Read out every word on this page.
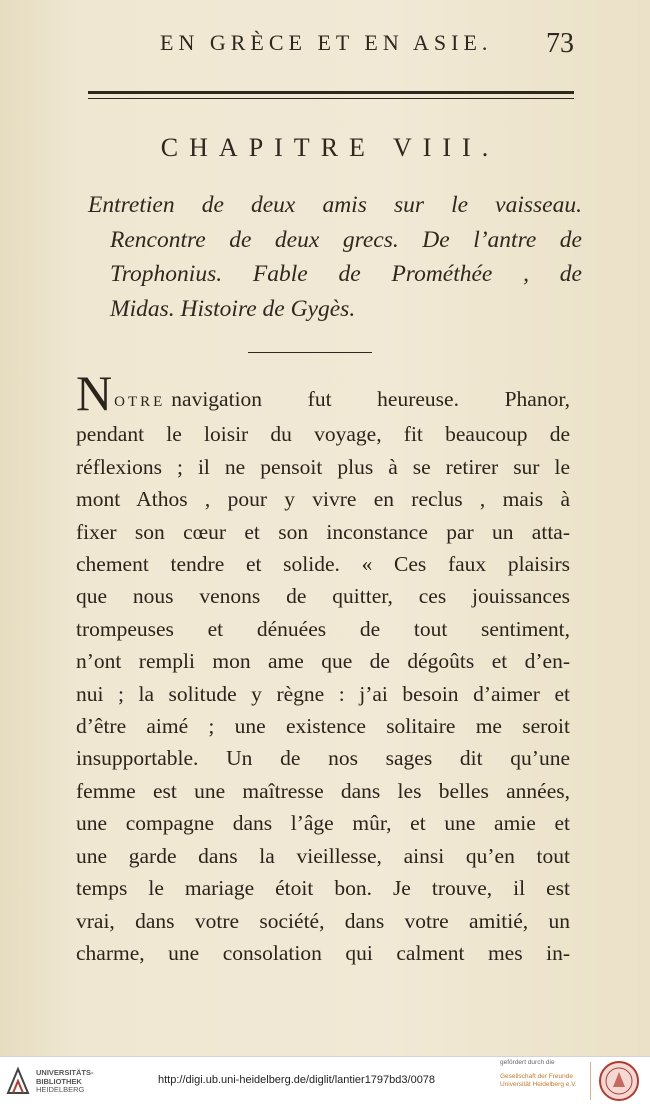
EN GRÈCE ET EN ASIE. 73
CHAPITRE VIII.
Entretien de deux amis sur le vaisseau.
Rencontre de deux grecs. De l’antre de
Trophonius. Fable de Prométhée , de
Midas. Histoire de Gygès.
NOTRE navigation fut heureuse. Phanor,
pendant le loisir du voyage, fit beaucoup de
réflexions ; il ne pensoit plus à se retirer sur le
mont Athos , pour y vivre en reclus , mais à
fixer son cœur et son inconstance par un atta-
chement tendre et solide. « Ces faux plaisirs
que nous venons de quitter, ces jouissances
trompeuses et dénuées de tout sentiment,
n’ont rempli mon ame que de dégoûts et d’en-
nui ; la solitude y règne : j’ai besoin d’aimer et
d’être aimé ; une existence solitaire me seroit
insupportable. Un de nos sages dit qu’une
femme est une maîtresse dans les belles années,
une compagne dans l’âge mûr, et une amie et
une garde dans la vieillesse, ainsi qu’en tout
temps le mariage étoit bon. Je trouve, il est
vrai, dans votre société, dans votre amitié, un
charme, une consolation qui calment mes in-
UNIVERSITÄTS-
BIBLIOTHEK
HEIDELBERG
http://digi.ub.uni-heidelberg.de/diglit/lantier1797bd3/0078
gefördert durch die
Gesellschaft der Freunde
Universität Heidelberg e.V.
